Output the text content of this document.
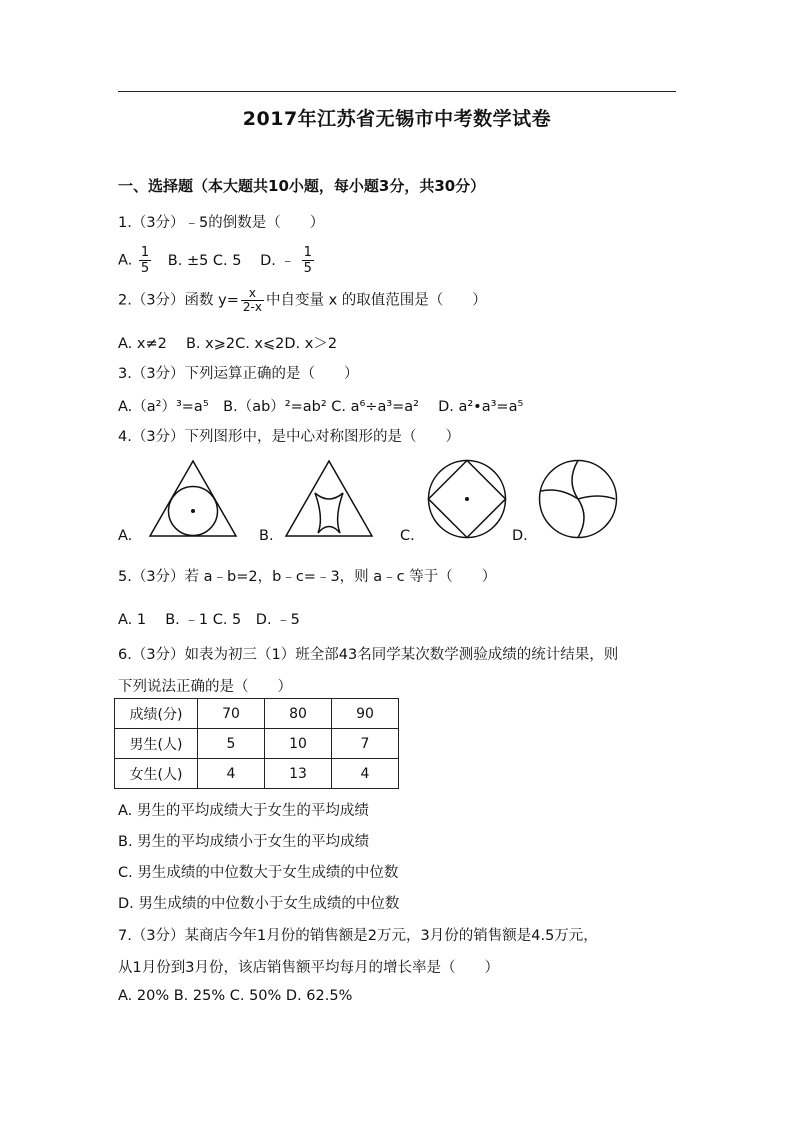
2017年江苏省无锡市中考数学试卷
一、选择题（本大题共10小题，每小题3分，共30分）
1.（3分）﹣5的倒数是（　　）
A. $\frac{1}{5} B$. ±5 C. 5 D. ﹣ $\frac{1}{5}$
2.（3分）函数 $y= \frac{x}{2-x}$ 中自变量 x 的取值范围是（　　）
A. x≠2　 B. x⩾2C. x⩽2D. x＞2
3.（3分）下列运算正确的是（　　）
A.（a²）³=a⁵　B.（ab）²=ab² C. a⁶÷a³=a²　 D. a²•a³=a⁵
4.（3分）下列图形中，是中心对称图形的是（　　）
A.	B.	C.	D.
5.（3分）若 a﹣b=2，b﹣c=﹣3，则 a﹣c 等于（　　）
A. 1　 B. ﹣1 C. 5　D. ﹣5
6.（3分）如表为初三（1）班全部43名同学某次数学测验成绩的统计结果，则
下列说法正确的是（　　）
成绩(分)	70	80	90
男生(人)	5	10	7
女生(人)	4	13	4
A. 男生的平均成绩大于女生的平均成绩
B. 男生的平均成绩小于女生的平均成绩
C. 男生成绩的中位数大于女生成绩的中位数
D. 男生成绩的中位数小于女生成绩的中位数
7.（3分）某商店今年1月份的销售额是2万元，3月份的销售额是4.5万元，
从1月份到3月份，该店销售额平均每月的增长率是（　　）
A. 20% B. 25% C. 50% D. 62.5%
